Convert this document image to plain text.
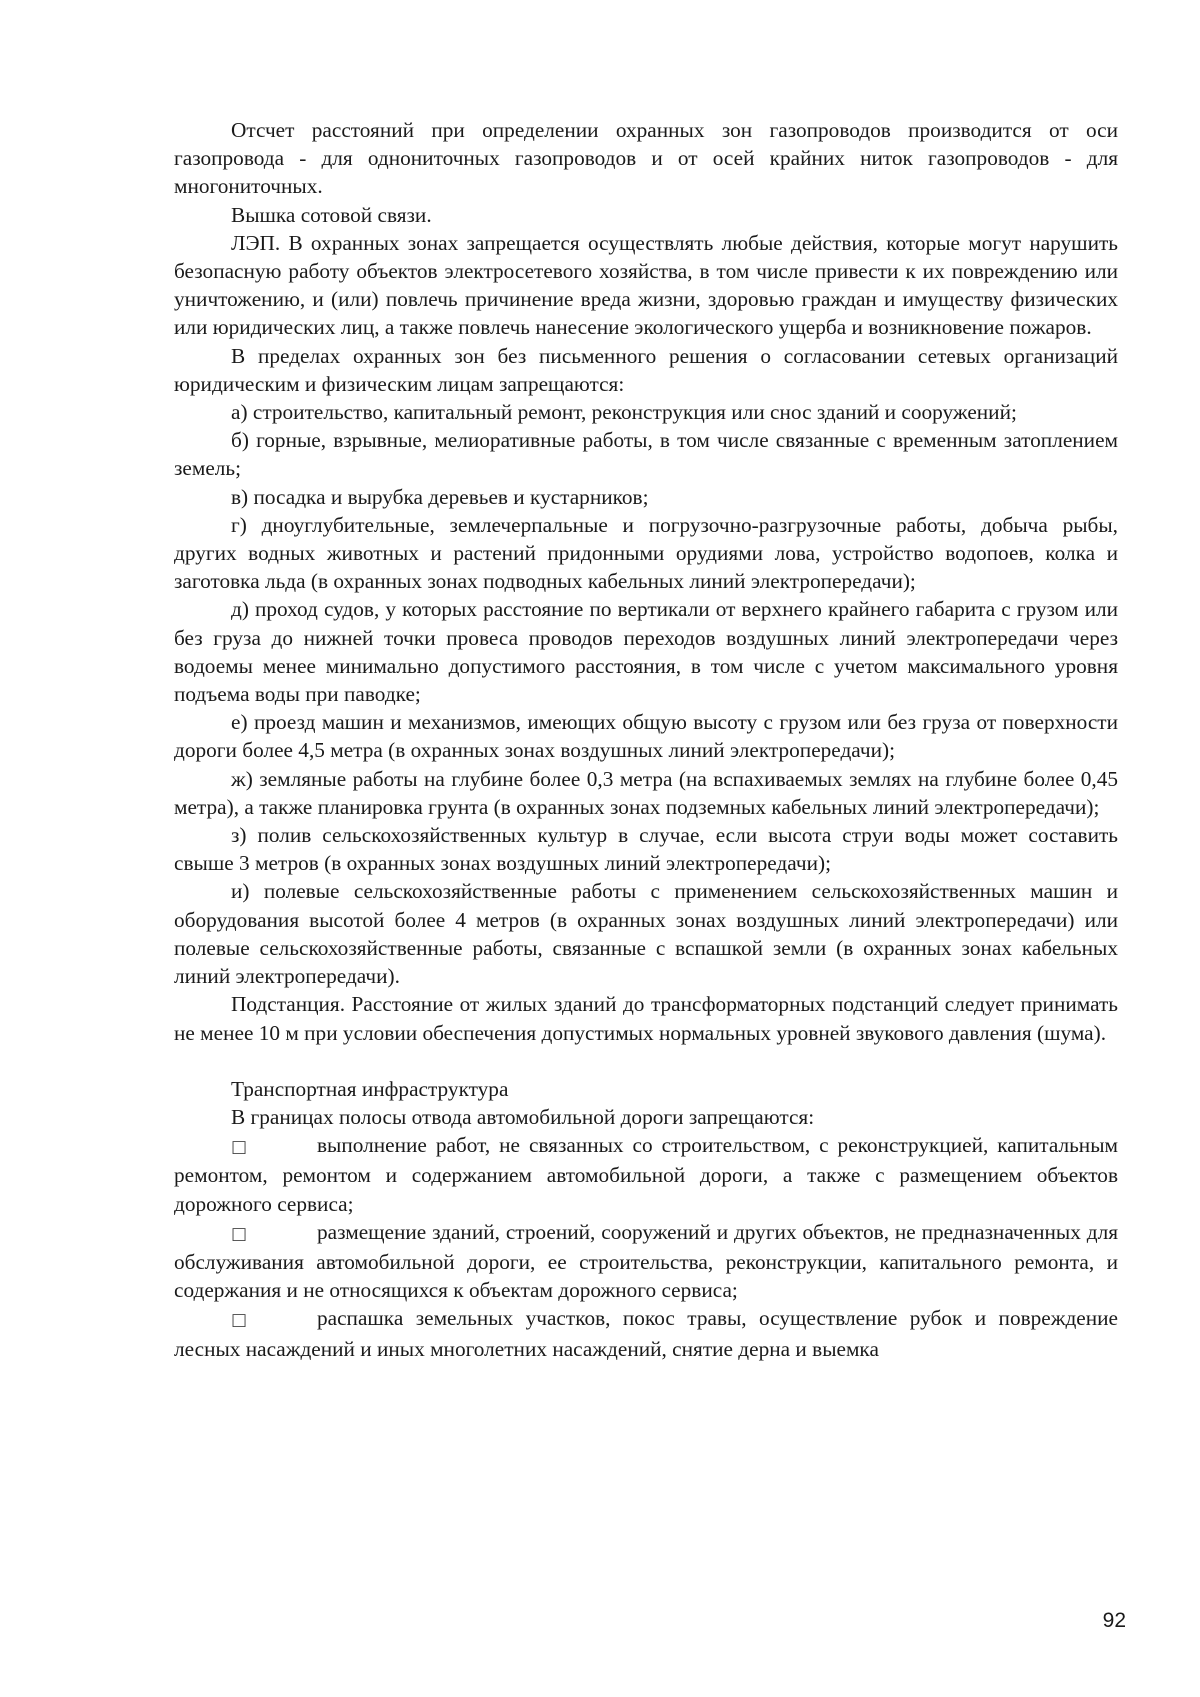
Отсчет расстояний при определении охранных зон газопроводов производится от оси газопровода - для однониточных газопроводов и от осей крайних ниток газопроводов - для многониточных.

Вышка сотовой связи.

ЛЭП. В охранных зонах запрещается осуществлять любые действия, которые могут нарушить безопасную работу объектов электросетевого хозяйства, в том числе привести к их повреждению или уничтожению, и (или) повлечь причинение вреда жизни, здоровью граждан и имуществу физических или юридических лиц, а также повлечь нанесение экологического ущерба и возникновение пожаров.

В пределах охранных зон без письменного решения о согласовании сетевых организаций юридическим и физическим лицам запрещаются:

а) строительство, капитальный ремонт, реконструкция или снос зданий и сооружений;

б) горные, взрывные, мелиоративные работы, в том числе связанные с временным затоплением земель;

в) посадка и вырубка деревьев и кустарников;

г) дноуглубительные, землечерпальные и погрузочно-разгрузочные работы, добыча рыбы, других водных животных и растений придонными орудиями лова, устройство водопоев, колка и заготовка льда (в охранных зонах подводных кабельных линий электропередачи);

д) проход судов, у которых расстояние по вертикали от верхнего крайнего габарита с грузом или без груза до нижней точки провеса проводов переходов воздушных линий электропередачи через водоемы менее минимально допустимого расстояния, в том числе с учетом максимального уровня подъема воды при паводке;

е) проезд машин и механизмов, имеющих общую высоту с грузом или без груза от поверхности дороги более 4,5 метра (в охранных зонах воздушных линий электропередачи);

ж) земляные работы на глубине более 0,3 метра (на вспахиваемых землях на глубине более 0,45 метра), а также планировка грунта (в охранных зонах подземных кабельных линий электропередачи);

з) полив сельскохозяйственных культур в случае, если высота струи воды может составить свыше 3 метров (в охранных зонах воздушных линий электропередачи);

и) полевые сельскохозяйственные работы с применением сельскохозяйственных машин и оборудования высотой более 4 метров (в охранных зонах воздушных линий электропередачи) или полевые сельскохозяйственные работы, связанные с вспашкой земли (в охранных зонах кабельных линий электропередачи).

Подстанция. Расстояние от жилых зданий до трансформаторных подстанций следует принимать не менее 10 м при условии обеспечения допустимых нормальных уровней звукового давления (шума).

Транспортная инфраструктура

В границах полосы отвода автомобильной дороги запрещаются:

□	выполнение работ, не связанных со строительством, с реконструкцией, капитальным ремонтом, ремонтом и содержанием автомобильной дороги, а также с размещением объектов дорожного сервиса;

□	размещение зданий, строений, сооружений и других объектов, не предназначенных для обслуживания автомобильной дороги, ее строительства, реконструкции, капитального ремонта, и содержания и не относящихся к объектам дорожного сервиса;

□	распашка земельных участков, покос травы, осуществление рубок и повреждение лесных насаждений и иных многолетних насаждений, снятие дерна и выемка

92
